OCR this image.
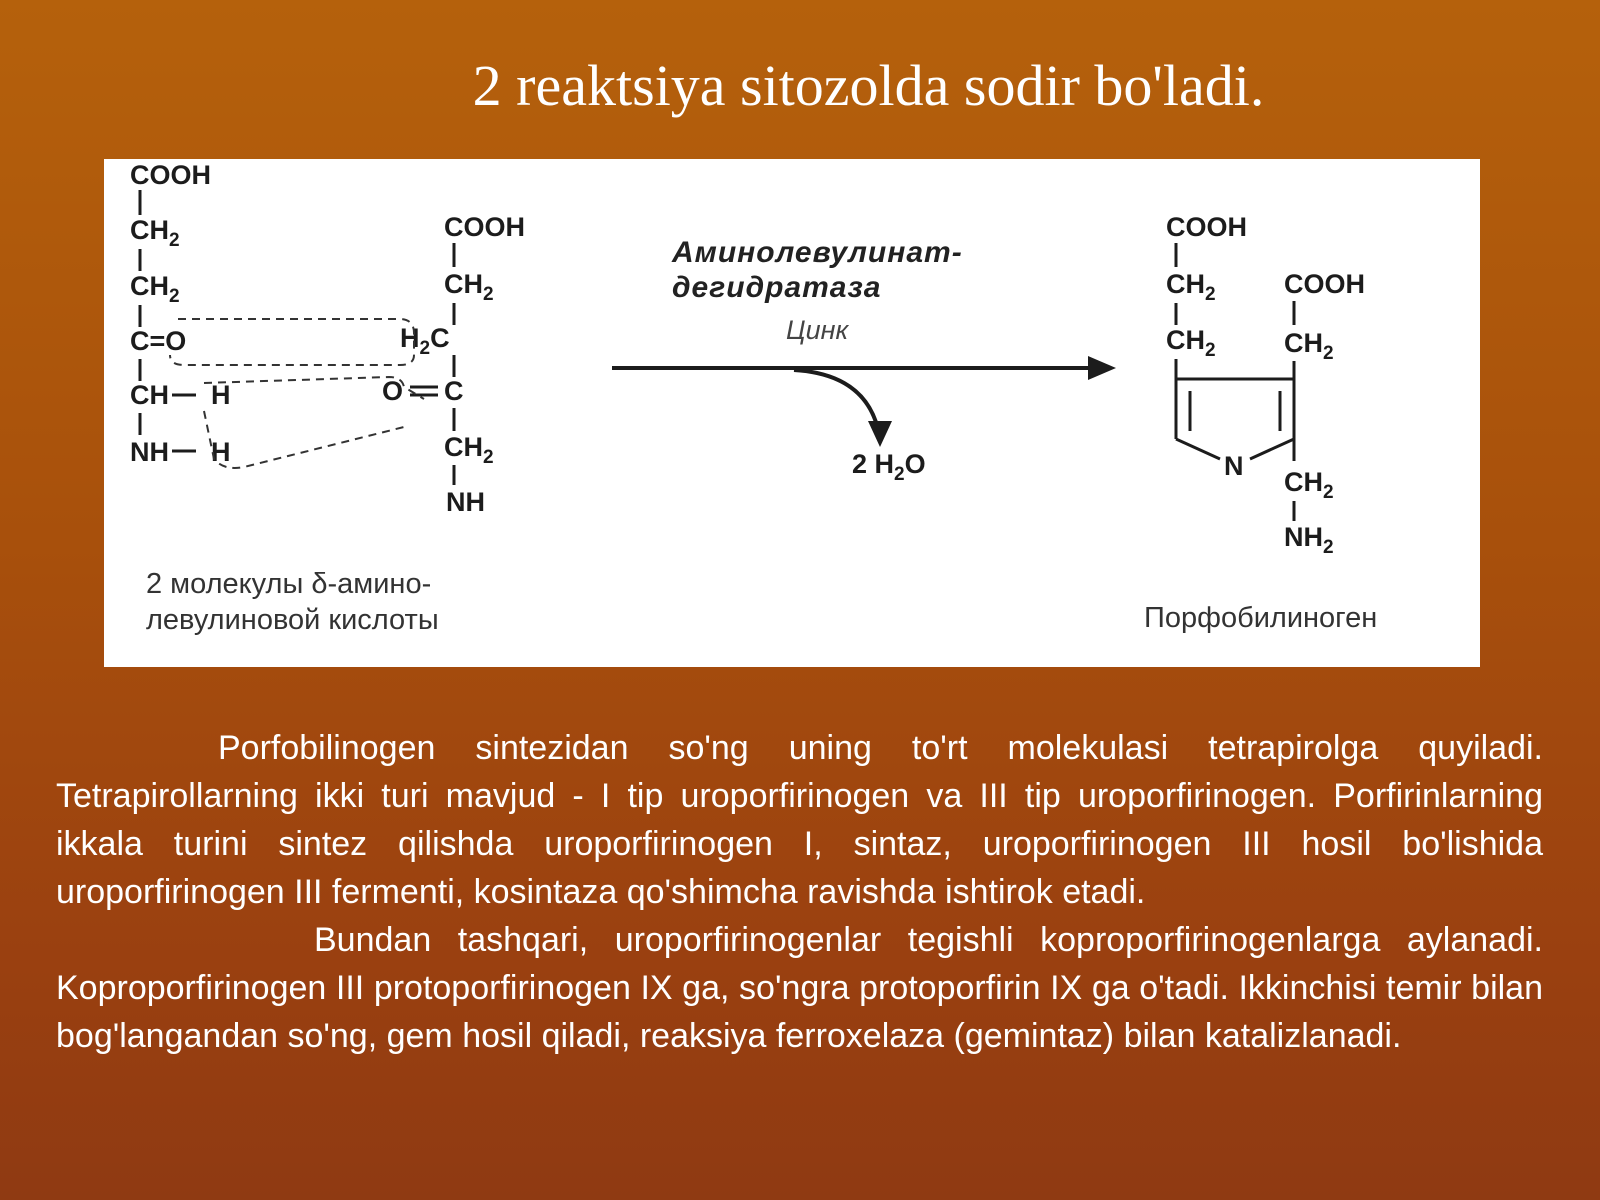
2 reaktsiya sitozolda sodir bo'ladi.
COOH
$CH_2$
$CH_2$
C=O
CH H
NH H
COOH
$CH_2$
$H_2C$
O C
$CH_2$
NH
Аминолевулинат-
дегидратаза
Цинк
2 $H_2O$
COOH
$CH_2$
$CH_2$
COOH
$CH_2$
N
$CH_2$
$NH_2$
2 молекулы δ-амино-
левулиновой кислоты	Порфобилиноген

Porfobilinogen sintezidan so'ng uning to'rt molekulasi tetrapirolga quyiladi. Tetrapirollarning ikki turi mavjud - I tip uroporfirinogen va III tip uroporfirinogen. Porfirinlarning ikkala turini sintez qilishda uroporfirinogen I, sintaz, uroporfirinogen III hosil bo'lishida uroporfirinogen III fermenti, kosintaza qo'shimcha ravishda ishtirok etadi.

Bundan tashqari, uroporfirinogenlar tegishli koproporfirinogenlarga aylanadi. Koproporfirinogen III protoporfirinogen IX ga, so'ngra protoporfirin IX ga o'tadi. Ikkinchisi temir bilan bog'langandan so'ng, gem hosil qiladi, reaksiya ferroxelaza (gemintaz) bilan katalizlanadi.
